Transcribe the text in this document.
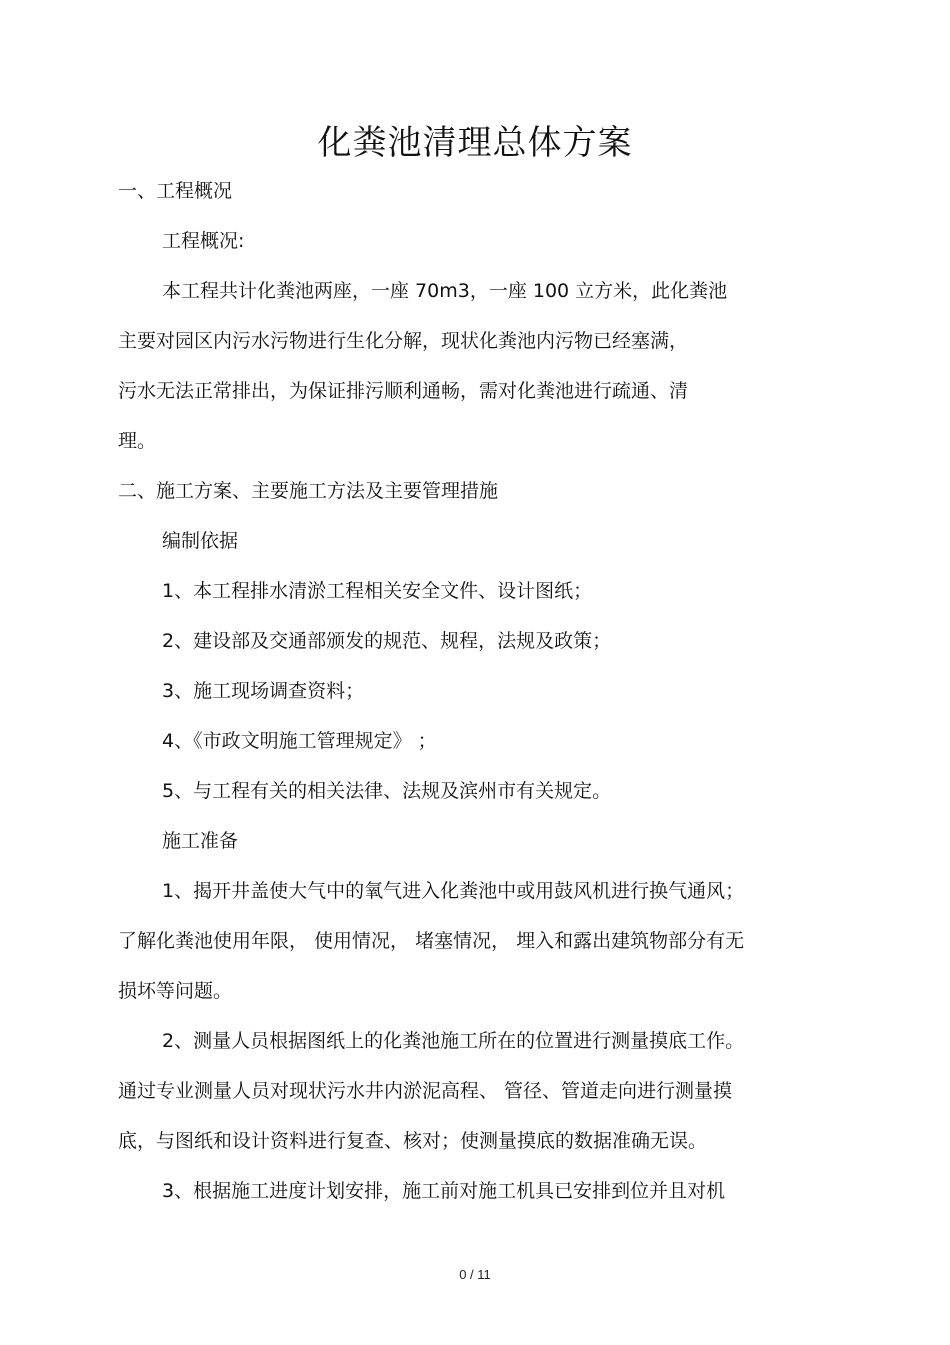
化粪池清理总体方案
一、工程概况
工程概况:
本工程共计化粪池两座，一座 70m3，一座 100 立方米，此化粪池
主要对园区内污水污物进行生化分解，现状化粪池内污物已经塞满，
污水无法正常排出，为保证排污顺利通畅，需对化粪池进行疏通、清
理。
二、施工方案、主要施工方法及主要管理措施
编制依据
1、本工程排水清淤工程相关安全文件、设计图纸；
2、建设部及交通部颁发的规范、规程，法规及政策；
3、施工现场调查资料；
4、《市政文明施工管理规定》 ；
5、与工程有关的相关法律、法规及滨州市有关规定。
施工准备
1、揭开井盖使大气中的氧气进入化粪池中或用鼓风机进行换气通风；
了解化粪池使用年限， 使用情况， 堵塞情况， 埋入和露出建筑物部分有无
损坏等问题。
2、测量人员根据图纸上的化粪池施工所在的位置进行测量摸底工作。
通过专业测量人员对现状污水井内淤泥高程、 管径、管道走向进行测量摸
底，与图纸和设计资料进行复查、核对；使测量摸底的数据准确无误。
3、根据施工进度计划安排，施工前对施工机具已安排到位并且对机
0 / 11
